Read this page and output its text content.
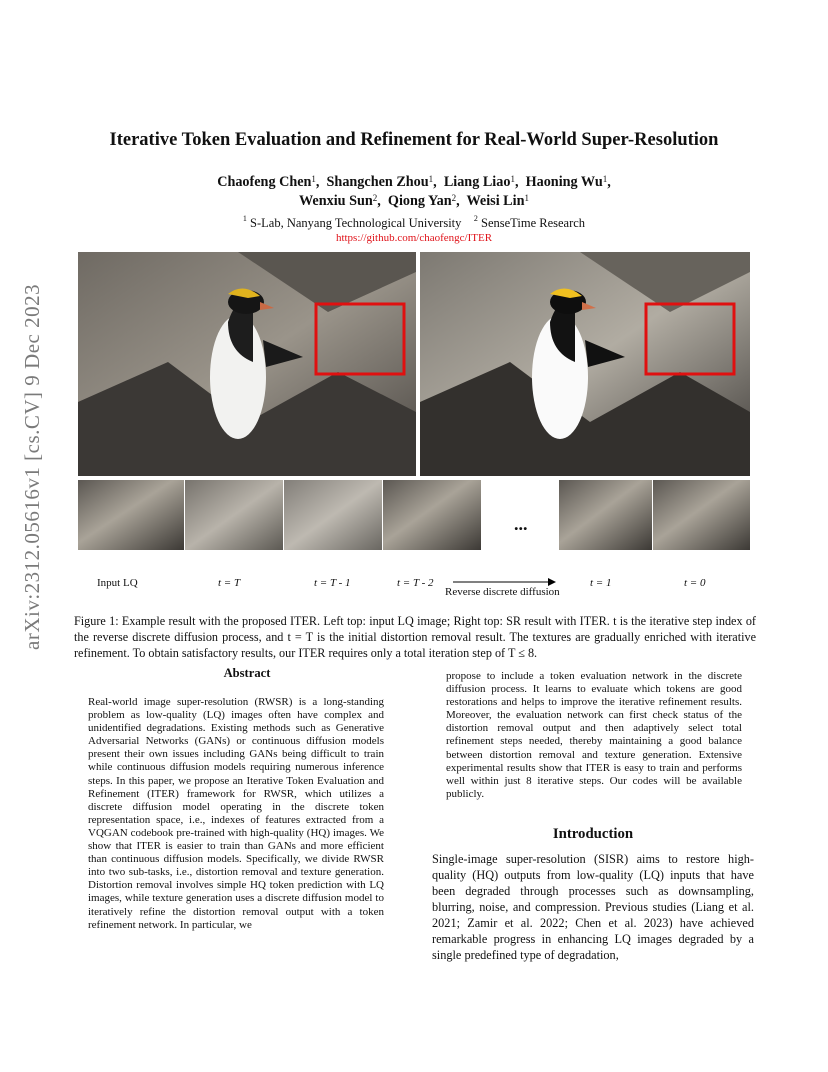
arXiv:2312.05616v1 [cs.CV] 9 Dec 2023
Iterative Token Evaluation and Refinement for Real-World Super-Resolution
Chaofeng Chen$^1$,  Shangchen Zhou$^1$,  Liang Liao$^1$,  Haoning Wu$^1$,
Wenxiu Sun$^2$,  Qiong Yan$^2$,  Weisi Lin$^1$
$^1$ S-Lab, Nanyang Technological University $^2$ SenseTime Research
https://github.com/chaofengc/ITER
...
Input LQ	t = T	t = T - 1	t = T - 2
Reverse discrete diffusion
t = 1	t = 0
Figure 1: Example result with the proposed ITER. Left top: input LQ image; Right top: SR result with ITER. t is the iterative step index of the reverse discrete diffusion process, and t = T is the initial distortion removal result. The textures are gradually enriched with iterative refinement. To obtain satisfactory results, our ITER requires only a total iteration step of T ≤ 8.
Abstract

Real-world image super-resolution (RWSR) is a long-standing problem as low-quality (LQ) images often have complex and unidentified degradations. Existing methods such as Generative Adversarial Networks (GANs) or continuous diffusion models present their own issues including GANs being difficult to train while continuous diffusion models requiring numerous inference steps. In this paper, we propose an Iterative Token Evaluation and Refinement (ITER) framework for RWSR, which utilizes a discrete diffusion model operating in the discrete token representation space, i.e., indexes of features extracted from a VQGAN codebook pre-trained with high-quality (HQ) images. We show that ITER is easier to train than GANs and more efficient than continuous diffusion models. Specifically, we divide RWSR into two sub-tasks, i.e., distortion removal and texture generation. Distortion removal involves simple HQ token prediction with LQ images, while texture generation uses a discrete diffusion model to iteratively refine the distortion removal output with a token refinement network. In particular, we

propose to include a token evaluation network in the discrete diffusion process. It learns to evaluate which tokens are good restorations and helps to improve the iterative refinement results. Moreover, the evaluation network can first check status of the distortion removal output and then adaptively select total refinement steps needed, thereby maintaining a good balance between distortion removal and texture generation. Extensive experimental results show that ITER is easy to train and performs well within just 8 iterative steps. Our codes will be available publicly.

Introduction
Single-image super-resolution (SISR) aims to restore high-quality (HQ) outputs from low-quality (LQ) inputs that have been degraded through processes such as downsampling, blurring, noise, and compression. Previous studies (Liang et al. 2021; Zamir et al. 2022; Chen et al. 2023) have achieved remarkable progress in enhancing LQ images degraded by a single predefined type of degradation,
